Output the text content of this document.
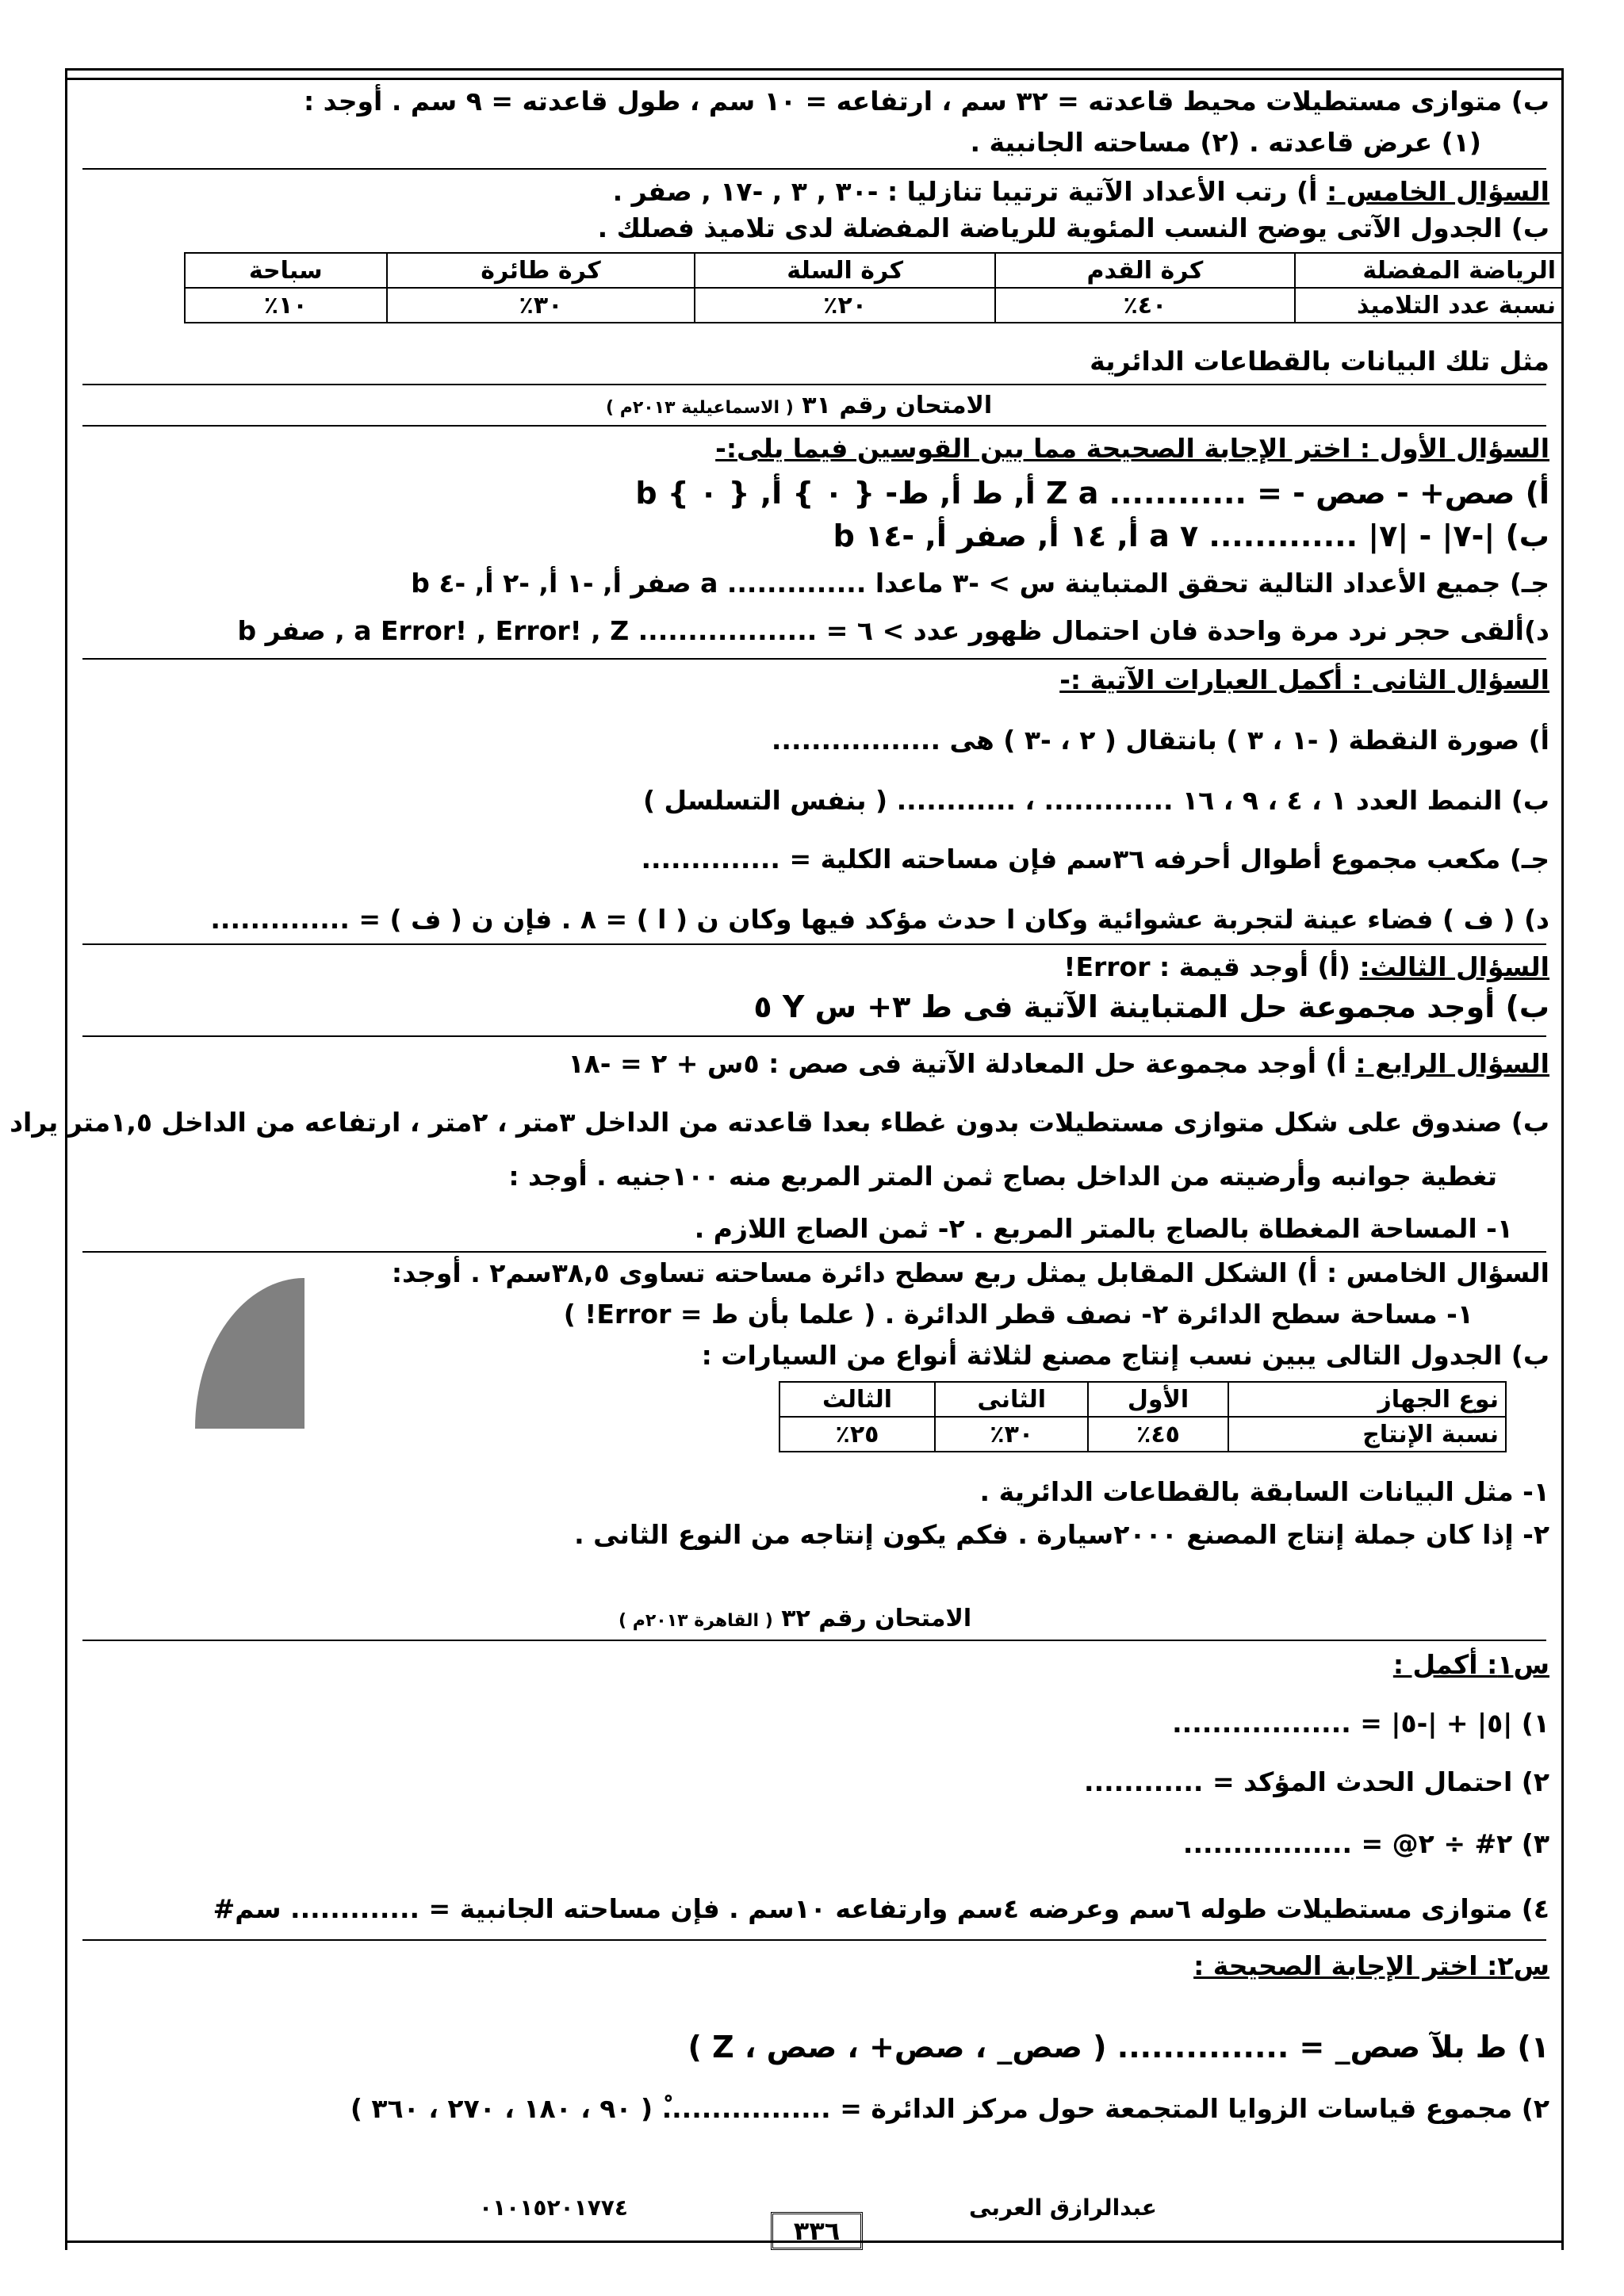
ب) متوازى مستطيلات محيط قاعدته = ٣٢ سم ، ارتفاعه = ١٠ سم ، طول قاعدته = ٩ سم . أوجد :
(١) عرض قاعدته . (٢) مساحته الجانبية .
السؤال الخامس : أ) رتب الأعداد الآتية ترتيبا تنازليا : -٣٠ , ٣ , -١٧ , صفر .
ب) الجدول الآتى يوضح النسب المئوية للرياضة المفضلة لدى تلاميذ فصلك .
الرياضة المفضلة	كرة القدم	كرة السلة	كرة طائرة	سباحة
نسبة عدد التلاميذ	٤٠٪	٢٠٪	٣٠٪	١٠٪
مثل تلك البيانات بالقطاعات الدائرية
الامتحان رقم ٣١ ( الاسماعيلية ٢٠١٣م )
السؤال الأول : اختر الإجابة الصحيحة مما بين القوسين فيما يلى:-
أ) صص+ - صص - = ............ Z a أ, ط أ, ط- { ٠ } أ, { ٠ } b
ب) |-٧| - |٧| ............. ٧ a أ, ١٤ أ, صفر أ, -١٤ b
جـ) جميع الأعداد التالية تحقق المتباينة س > -٣ ماعدا .............. a صفر أ, -١ أ, -٢ أ, -٤ b
د)ألقى حجر نرد مرة واحدة فان احتمال ظهور عدد > ٦ = .................. a Error! , Error! , Z , صفر b
السؤال الثانى : أكمل العبارات الآتية :-
أ) صورة النقطة ( -١ ، ٣ ) بانتقال ( ٢ ، -٣ ) هى .................
ب) النمط العدد ١ ، ٤ ، ٩ ، ١٦ ............. ، ............ ( بنفس التسلسل )
جـ) مكعب مجموع أطوال أحرفه ٣٦سم فإن مساحته الكلية = ..............
د) ( ف ) فضاء عينة لتجربة عشوائية وكان ا حدث مؤكد فيها وكان ن ( ا ) = ٨ . فإن ن ( ف ) = ..............
السؤال الثالث: (أ) أوجد قيمة : Error!
ب) أوجد مجموعة حل المتباينة الآتية فى ط ٣+ س Y ٥
السؤال الرابع : أ) أوجد مجموعة حل المعادلة الآتية فى صص : ٥س + ٢ = -١٨
ب) صندوق على شكل متوازى مستطيلات بدون غطاء بعدا قاعدته من الداخل ٣متر ، ٢متر ، ارتفاعه من الداخل ١,٥متر يراد
تغطية جوانبه وأرضيته من الداخل بصاج ثمن المتر المربع منه ١٠٠جنيه . أوجد :
١- المساحة المغطاة بالصاج بالمتر المربع . ٢- ثمن الصاج اللازم .
السؤال الخامس : أ) الشكل المقابل يمثل ربع سطح دائرة مساحته تساوى ٣٨,٥سم٢ . أوجد:
١- مساحة سطح الدائرة ٢- نصف قطر الدائرة . ( علما بأن ط = Error! )
ب) الجدول التالى يبين نسب إنتاج مصنع لثلاثة أنواع من السيارات :
نوع الجهاز	الأول	الثانى	الثالث
نسبة الإنتاج	٤٥٪	٣٠٪	٢٥٪
١- مثل البيانات السابقة بالقطاعات الدائرية .
٢- إذا كان جملة إنتاج المصنع ٢٠٠٠سيارة . فكم يكون إنتاجه من النوع الثانى .
الامتحان رقم ٣٢ ( القاهرة ٢٠١٣م )
س١: أكمل :
١) |٥| + |-٥| = ..................
٢) احتمال الحدث المؤكد = ............
٣) ٢# ÷ ٢@ = .................
٤) متوازى مستطيلات طوله ٦سم وعرضه ٤سم وارتفاعه ١٠سم . فإن مساحته الجانبية = ............. سم#
س٢: اختر الإجابة الصحيحة :
١) ط بلآ صص_ = ............... ( صص_ ، صص+ ، صص ، Z )
٢) مجموع قياسات الزوايا المتجمعة حول مركز الدائرة = .................ْ ( ٩٠ ، ١٨٠ ، ٢٧٠ ، ٣٦٠ )
عبدالرازق العربى
٣٣٦
٠١٠١٥٢٠١٧٧٤
